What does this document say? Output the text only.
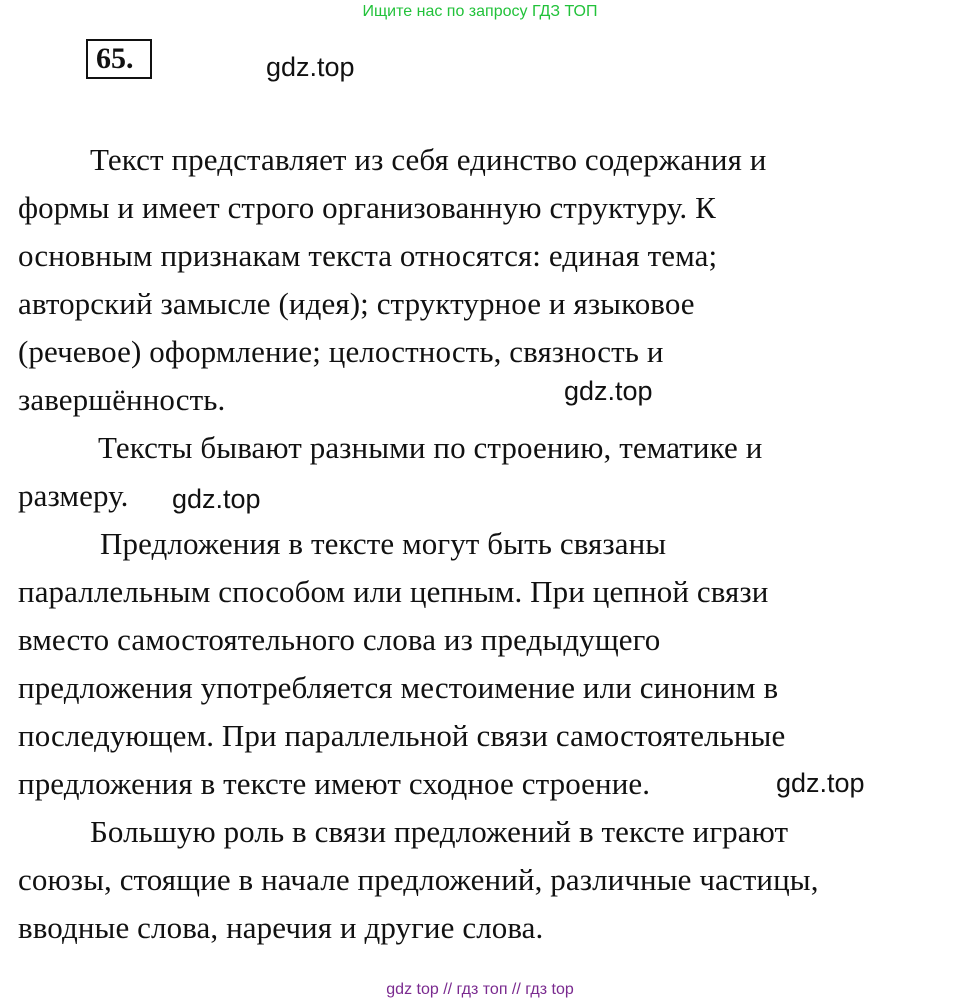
Ищите нас по запросу ГДЗ ТОП
65.	gdz.top
Текст представляет из себя единство содержания и
формы и имеет строго организованную структуру. К
основным признакам текста относятся: единая тема;
авторский замысле (идея); структурное и языковое
(речевое) оформление; целостность, связность и
завершённость.	gdz.top
Тексты бывают разными по строению, тематике и
размеру. gdz.top
Предложения в тексте могут быть связаны
параллельным способом или цепным. При цепной связи
вместо самостоятельного слова из предыдущего
предложения употребляется местоимение или синоним в
последующем. При параллельной связи самостоятельные
предложения в тексте имеют сходное строение.	gdz.top
Большую роль в связи предложений в тексте играют
союзы, стоящие в начале предложений, различные частицы,
вводные слова, наречия и другие слова.
gdz top // гдз топ // гдз top
